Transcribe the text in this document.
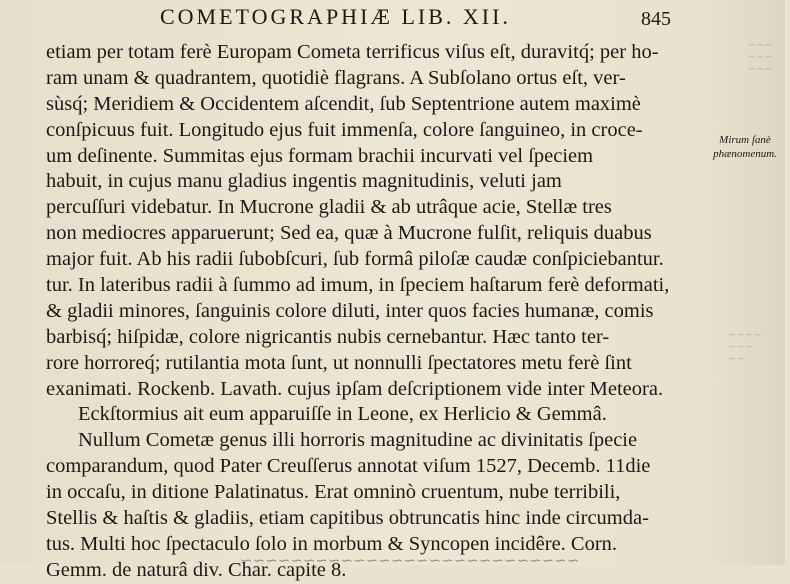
COMETOGRAPHIÆ LIB. XII.	845
etiam per totam ferè Europam Cometa terrificus viſus eſt, duravitq́; per ho-
ram unam & quadrantem, quotidiè flagrans. A Subſolano ortus eſt, ver-
sùsq́; Meridiem & Occidentem aſcendit, ſub Septentrione autem maximè
conſpicuus fuit. Longitudo ejus fuit immenſa, colore ſanguineo, in croce-
um deſinente. Summitas ejus formam brachii incurvati vel ſpeciem
habuit, in cujus manu gladius ingentis magnitudinis, veluti jam
percuſſuri videbatur. In Mucrone gladii & ab utrâque acie, Stellæ tres
non mediocres apparuerunt; Sed ea, quæ à Mucrone fulſit, reliquis duabus
major fuit. Ab his radii ſubobſcuri, ſub formâ piloſæ caudæ conſpiciebantur.
tur. In lateribus radii à ſummo ad imum, in ſpeciem haſtarum ferè deformati,
& gladii minores, ſanguinis colore diluti, inter quos facies humanæ, comis
barbisq́; hiſpidæ, colore nigricantis nubis cernebantur. Hæc tanto ter-
rore horroreq́; rutilantia mota ſunt, ut nonnulli ſpectatores metu ferè ſint
exanimati. Rockenb. Lavath. cujus ipſam deſcriptionem vide inter Meteora.
Eckſtormius ait eum apparuiſſe in Leone, ex Herlicio & Gemmâ.
Nullum Cometæ genus illi horroris magnitudine ac divinitatis ſpecie
comparandum, quod Pater Creuſſerus annotat viſum 1527, Decemb. 11die
in occaſu, in ditione Palatinatus. Erat omninò cruentum, nube terribili,
Stellis & haſtis & gladiis, etiam capitibus obtruncatis hinc inde circumda-
tus. Multi hoc ſpectaculo ſolo in morbum & Syncopen incidêre. Corn.
Gemm. de naturâ div. Char. capite 8.
Mirum ſanè
phænomenum.
~~~
~~~
~~~
~~~~
~~~
~~
~~~~~~~~~~~~~~~~~~~~~~~~~~~
